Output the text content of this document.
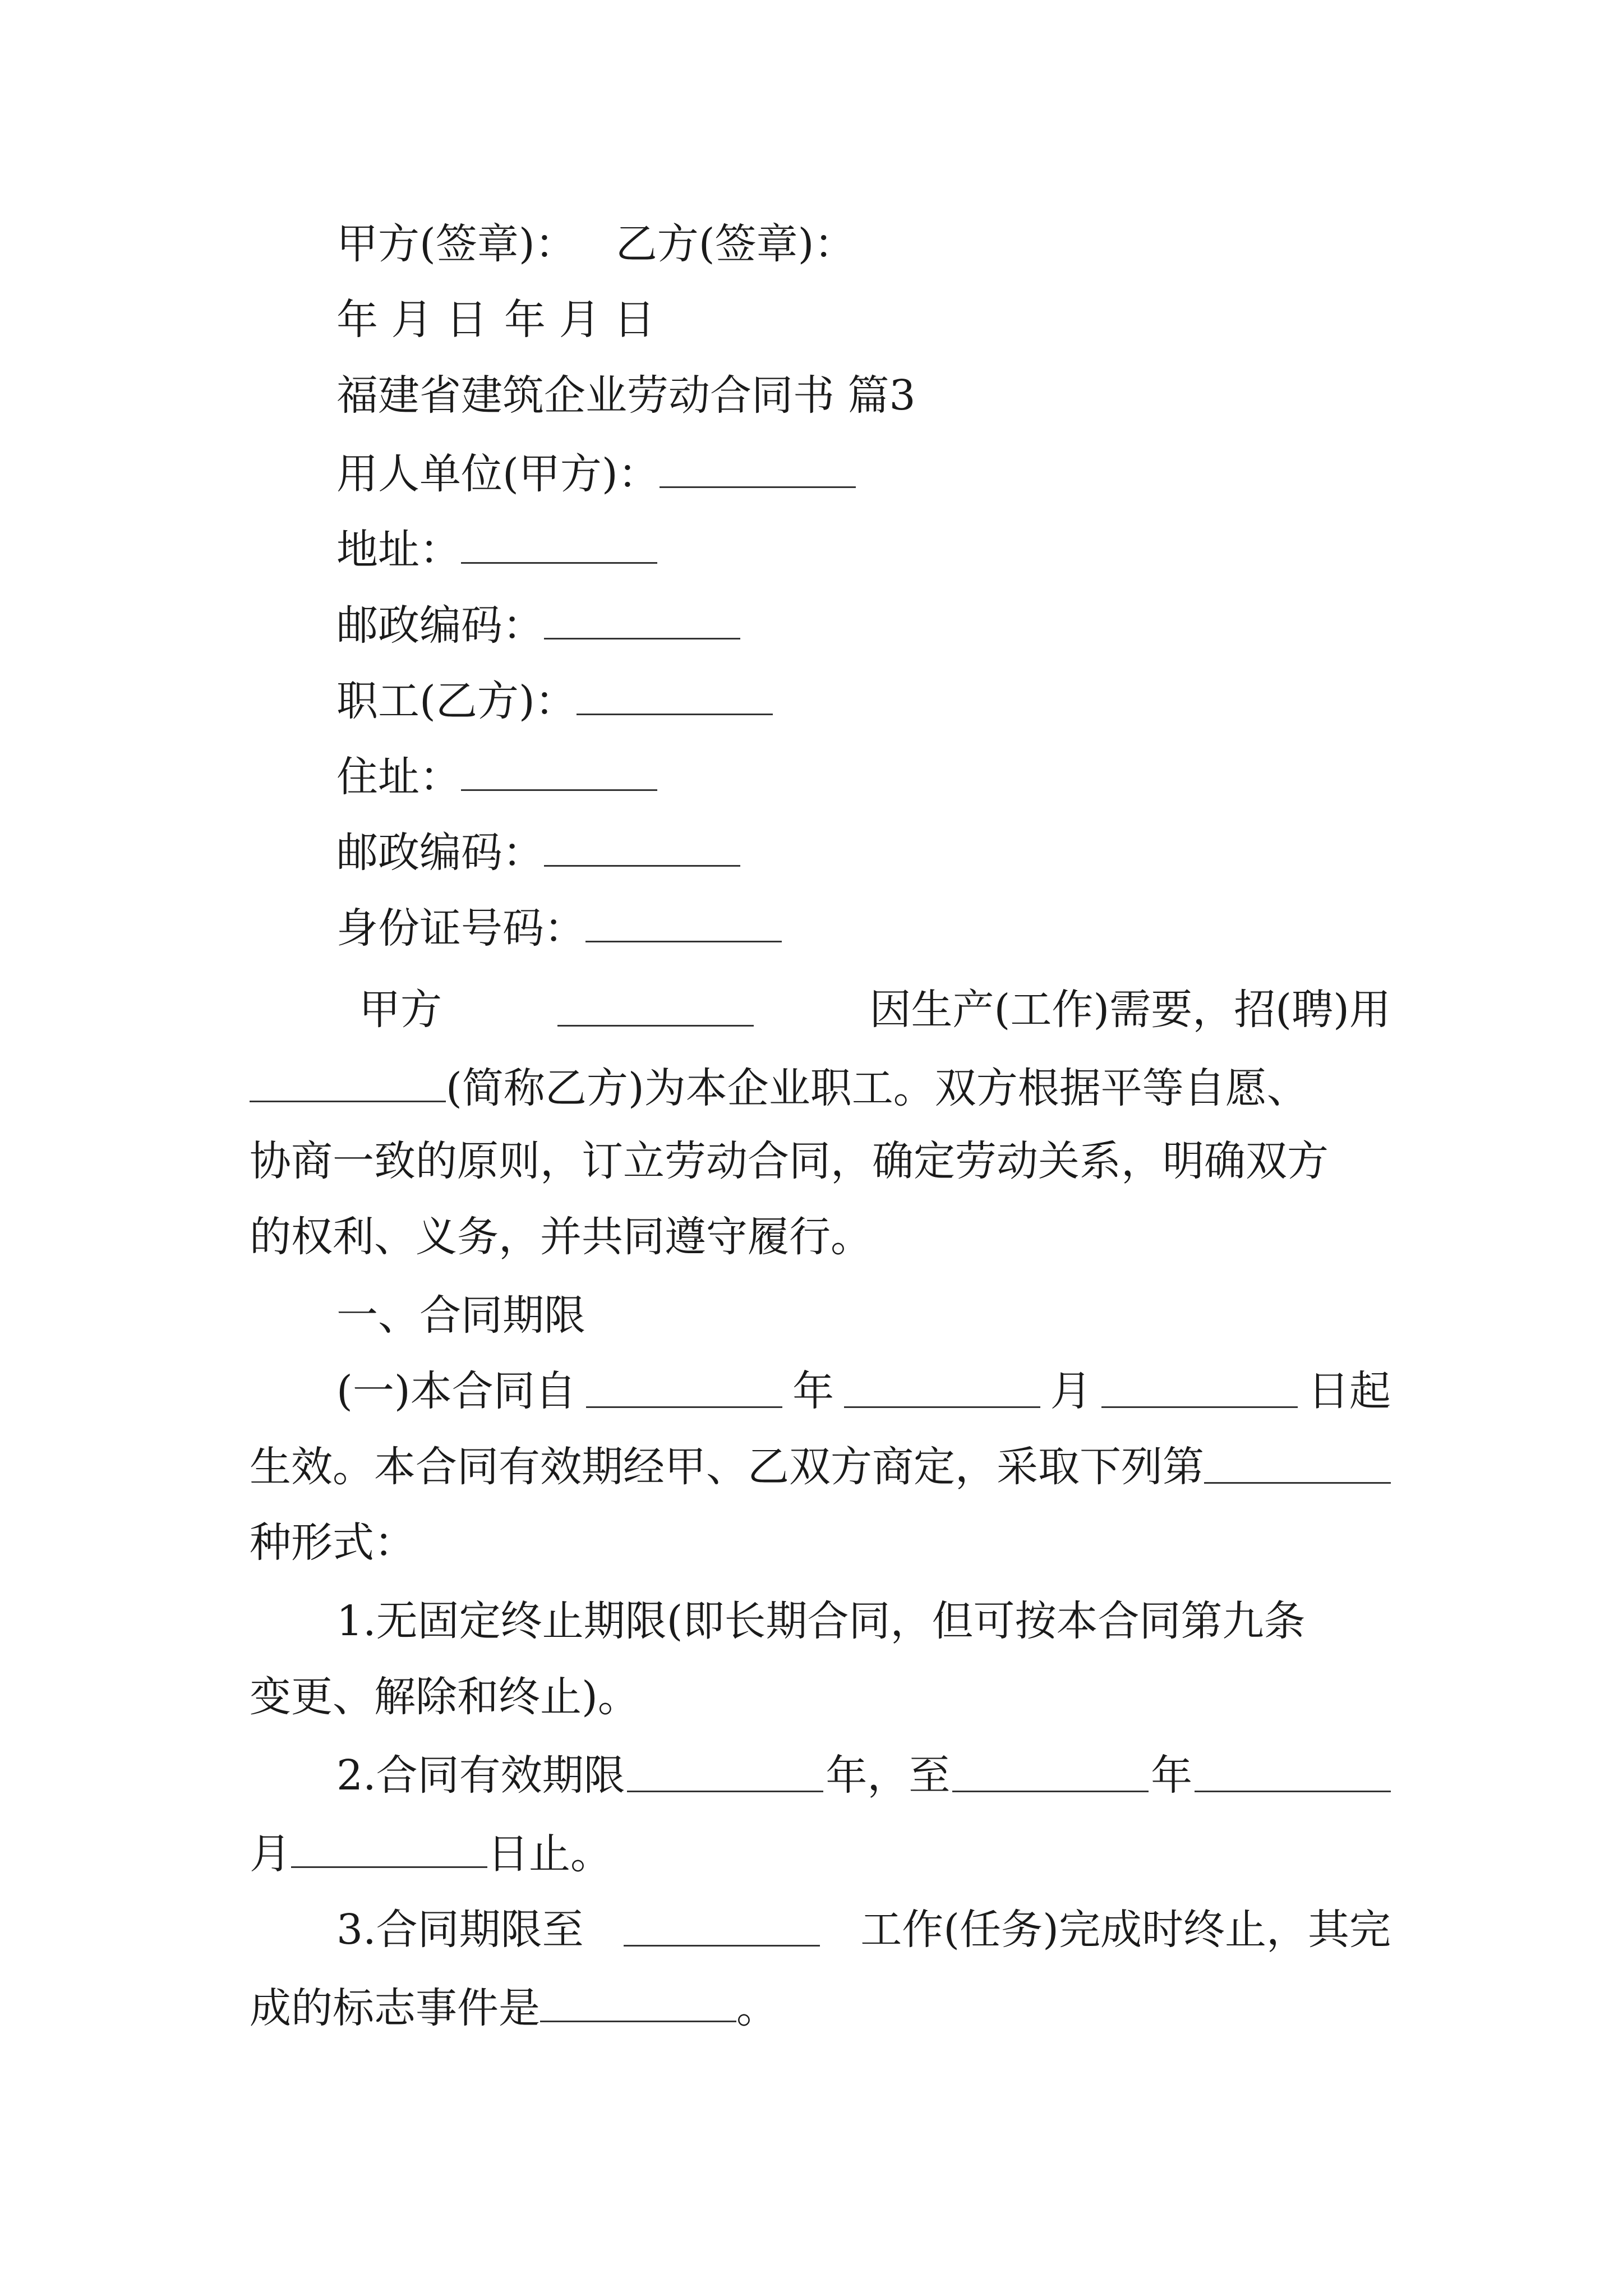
甲方(签章)： 乙方(签章)：
年 月 日 年 月 日
福建省建筑企业劳动合同书 篇3
用人单位(甲方)：
地址：
邮政编码：
职工(乙方)：
住址：
邮政编码：
身份证号码：
甲方	因生产(工作)需要，招(聘)用
(简称乙方)为本企业职工。双方根据平等自愿、
协商一致的原则，订立劳动合同，确定劳动关系，明确双方
的权利、义务，并共同遵守履行。
一、合同期限
(一)本合同自	年	月	日起
生效。本合同有效期经甲、乙双方商定，采取下列第
种形式：
1.无固定终止期限(即长期合同，但可按本合同第九条
变更、解除和终止)。
2.合同有效期限	年，至	年
月	日止。
3.合同期限至	工作(任务)完成时终止，其完
成的标志事件是	。
